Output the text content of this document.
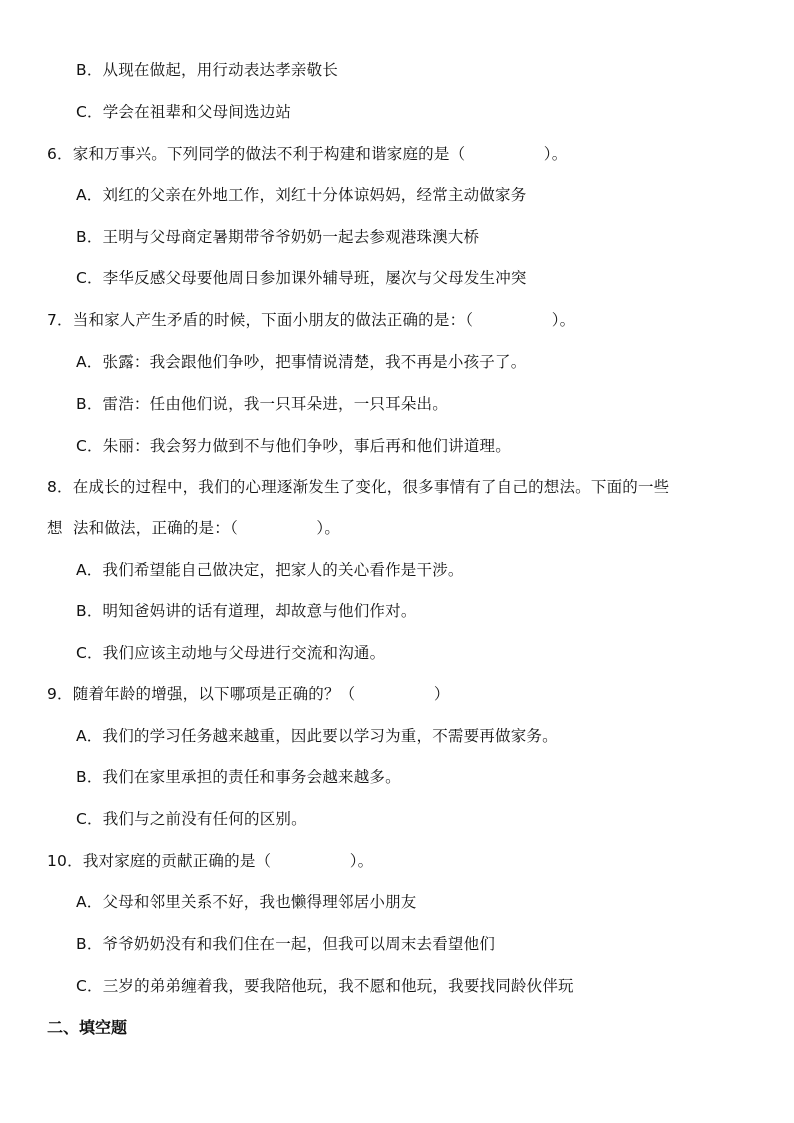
B．从现在做起，用行动表达孝亲敬长
C．学会在祖辈和父母间选边站
6．家和万事兴。下列同学的做法不利于构建和谐家庭的是（　　　　　）。
A．刘红的父亲在外地工作，刘红十分体谅妈妈，经常主动做家务
B．王明与父母商定暑期带爷爷奶奶一起去参观港珠澳大桥
C．李华反感父母要他周日参加课外辅导班，屡次与父母发生冲突
7．当和家人产生矛盾的时候，下面小朋友的做法正确的是：（　　　　　）。
A．张露：我会跟他们争吵，把事情说清楚，我不再是小孩子了。
B．雷浩：任由他们说，我一只耳朵进，一只耳朵出。
C．朱丽：我会努力做到不与他们争吵，事后再和他们讲道理。
8．在成长的过程中，我们的心理逐渐发生了变化，很多事情有了自己的想法。下面的一些
想  法和做法，正确的是：（　　　　　）。
A．我们希望能自己做决定，把家人的关心看作是干涉。
B．明知爸妈讲的话有道理，却故意与他们作对。
C．我们应该主动地与父母进行交流和沟通。
9．随着年龄的增强，以下哪项是正确的？（　　　　　）
A．我们的学习任务越来越重，因此要以学习为重，不需要再做家务。
B．我们在家里承担的责任和事务会越来越多。
C．我们与之前没有任何的区别。
10．我对家庭的贡献正确的是（　　　　　）。
A．父母和邻里关系不好，我也懒得理邻居小朋友
B．爷爷奶奶没有和我们住在一起，但我可以周末去看望他们
C．三岁的弟弟缠着我，要我陪他玩，我不愿和他玩，我要找同龄伙伴玩
二、填空题
